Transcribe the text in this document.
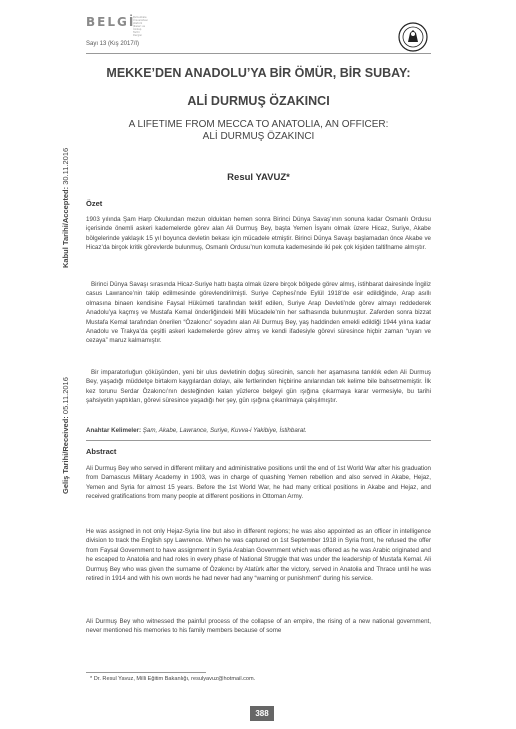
BELGİ
Pamukkale Üniversitesi Atatürk İlkeleri ve İnkılap Tarihi Dergisi
Sayı 13 (Kış 2017/I)
MEKKE’DEN ANADOLU’YA BİR ÖMÜR, BİR SUBAY:
ALİ DURMUŞ ÖZAKINCI
A LIFETIME FROM MECCA TO ANATOLIA, AN OFFICER:
ALİ DURMUŞ ÖZAKINCI
Resul YAVUZ*
Kabul Tarihi/Accepted: 30.11.2016
Geliş Tarihi/Received: 05.11.2016
Özet

1903 yılında Şam Harp Okulundan mezun olduktan hemen sonra Birinci Dünya Savaş’ının sonuna kadar Osmanlı Ordusu içerisinde önemli askeri kademelerde görev alan Ali Durmuş Bey, başta Yemen İsyanı olmak üzere Hicaz, Suriye, Akabe bölgelerinde yaklaşık 15 yıl boyunca devletin bekası için mücadele etmiştir. Birinci Dünya Savaşı başlamadan önce Akabe ve Hicaz’da birçok kritik görevlerde bulunmuş, Osmanlı Ordusu’nun komuta kademesinde iki pek çok kişiden taltifname almıştır.

Birinci Dünya Savaşı sırasında Hicaz-Suriye hattı başta olmak üzere birçok bölgede görev almış, istihbarat dairesinde İngiliz casus Lawrance’nin takip edilmesinde görevlendirilmişti. Suriye Cephesi’nde Eylül 1918’de esir edildiğinde, Arap asıllı olmasına binaen kendisine Faysal Hükümeti tarafından teklif edilen, Suriye Arap Devleti’nde görev almayı reddederek Anadolu’ya kaçmış ve Mustafa Kemal önderliğindeki Milli Mücadele’nin her safhasında bulunmuştur. Zaferden sonra bizzat Mustafa Kemal tarafından önerilen “Özakıncı” soyadını alan Ali Durmuş Bey, yaş haddinden emekli edildiği 1944 yılına kadar Anadolu ve Trakya’da çeşitli askeri kademelerde görev almış ve kendi ifadesiyle görevi süresince hiçbir zaman “uyarı ve cezaya” maruz kalmamıştır.

Bir imparatorluğun çöküşünden, yeni bir ulus devletinin doğuş sürecinin, sancılı her aşamasına tanıklık eden Ali Durmuş Bey, yaşadığı müddetçe birtakım kaygılardan dolayı, aile fertlerinden hiçbirine anılarından tek kelime bile bahsetmemiştir. İlk kez torunu Serdar Özakıncı’nın desteğinden kalan yüzlerce belgeyi gün ışığına çıkarmaya karar vermesiyle, bu tarihi şahsiyetin yaptıkları, görevi süresince yaşadığı her şey, gün ışığına çıkarılmaya çalışılmıştır.

Anahtar Kelimeler: Şam, Akabe, Lawrance, Suriye, Kuvva-i Yakibiye, İstihbarat.
Abstract

Ali Durmuş Bey who served in different military and administrative positions until the end of 1st World War after his graduation from Damascus Military Academy in 1903, was in charge of quashing Yemen rebellion and also served in Akabe, Hejaz, Yemen and Syria for almost 15 years. Before the 1st World War, he had many critical positions in Akabe and Hejaz, and received gratifications from many people at different positions in Ottoman Army.

He was assigned in not only Hejaz-Syria line but also in different regions; he was also appointed as an officer in intelligence division to track the English spy Lawrence. When he was captured on 1st September 1918 in Syria front, he refused the offer from Faysal Government to have assignment in Syria Arabian Government which was offered as he was Arabic originated and he escaped to Anatolia and had roles in every phase of National Struggle that was under the leadership of Mustafa Kemal. Ali Durmuş Bey who was given the surname of Özakıncı by Atatürk after the victory, served in Anatolia and Thrace until he was retired in 1914 and with his own words he had never had any “warning or punishment” during his service.

Ali Durmuş Bey who witnessed the painful process of the collapse of an empire, the rising of a new national government, never mentioned his memories to his family members because of some

* Dr. Resul Yavuz, Milli Eğitim Bakanlığı, resulyavuz@hotmail.com.
388
